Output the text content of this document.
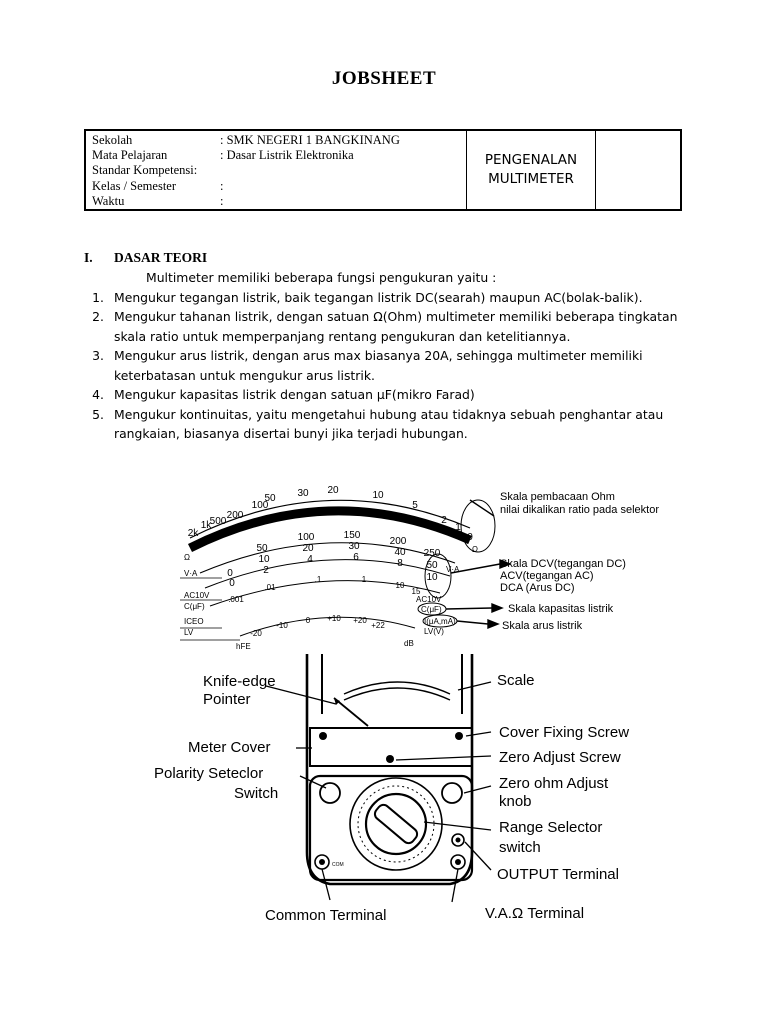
JOBSHEET
Sekolah	: SMK NEGERI 1 BANGKINANG
Mata Pelajaran	: Dasar Listrik Elektronika
Standar Kompetensi :
Kelas / Semester	:
Waktu	:
PENGENALAN
MULTIMETER
I.	DASAR TEORI
Multimeter memiliki beberapa fungsi pengukuran yaitu :
1. Mengukur tegangan listrik, baik tegangan listrik DC(searah) maupun AC(bolak-balik).
2. Mengukur tahanan listrik, dengan satuan Ω(Ohm) multimeter memiliki beberapa tingkatan skala ratio untuk memperpanjang rentang pengukuran dan ketelitiannya.
3. Mengukur arus listrik, dengan arus max biasanya 20A, sehingga multimeter memiliki keterbatasan untuk mengukur arus listrik.
4. Mengukur kapasitas listrik dengan satuan μF(mikro Farad)
5. Mengukur kontinuitas, yaitu mengetahui hubung atau tidaknya sebuah penghantar atau rangkaian, biasanya disertai bunyi jika terjadi hubungan.
2k
1k
500
200
100
50 30 20	10
5
2
1
0
0
50
100	150
200
250
0
10
20	30
40
50
2
4	6
8
10
.001
.01
.1	1
10
15
-20
-10
0 +10 +20
+22
Ω
V·A
AC10V
C(μF)
ICEO
LV
hFE
Ω
V·A
AC10V
C(μF)
I(μA,mA)
LV(V)
dB
Skala pembacaan Ohm nilai dikalikan ratio pada selektor
Skala DCV(tegangan DC)
ACV(tegangan AC)
DCA (Arus DC)
Skala kapasitas listrik
Skala arus listrik
Knife-edge Pointer
Meter Cover
Polarity Seteclor Switch
Scale
Cover Fixing Screw
Zero Adjust Screw
Zero ohm Adjust knob
Range Selector switch
OUTPUT Terminal
Common Terminal	V.A.Ω Terminal
COM
